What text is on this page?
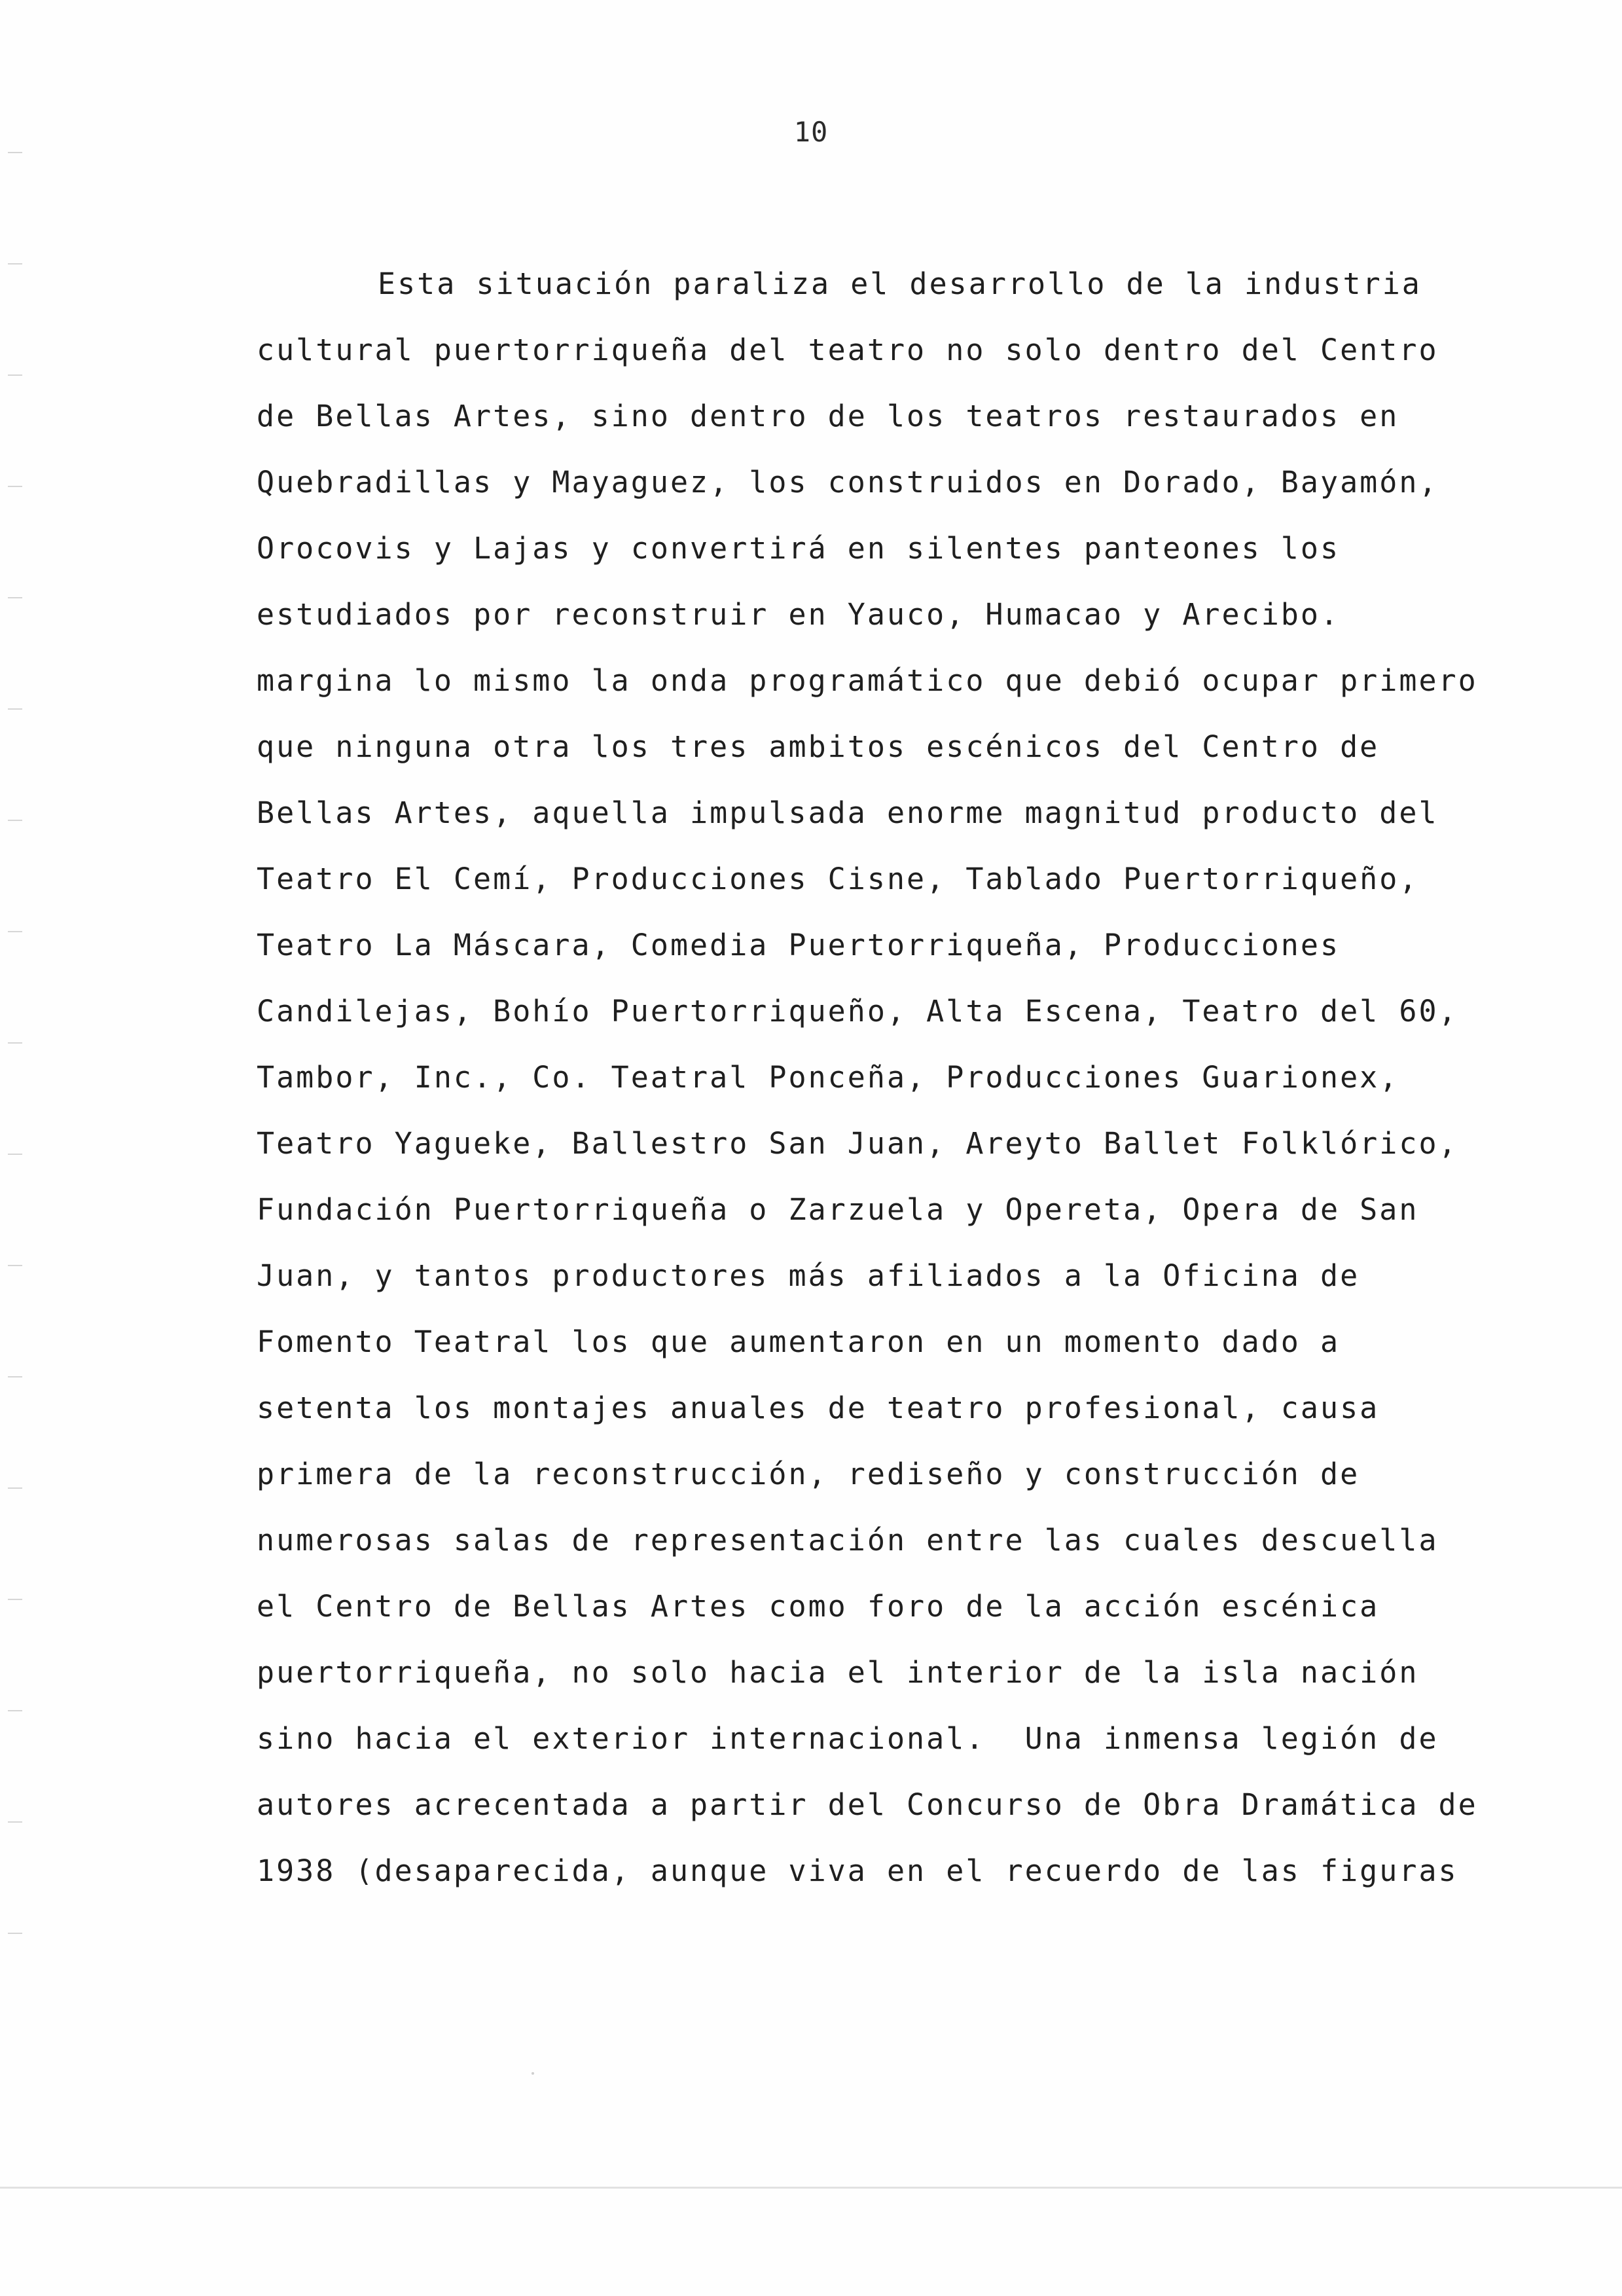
10
Esta situación paraliza el desarrollo de la industria
cultural puertorriqueña del teatro no solo dentro del Centro
de Bellas Artes, sino dentro de los teatros restaurados en
Quebradillas y Mayaguez, los construidos en Dorado, Bayamón,
Orocovis y Lajas y convertirá en silentes panteones los
estudiados por reconstruir en Yauco, Humacao y Arecibo.
margina lo mismo la onda programático que debió ocupar primero
que ninguna otra los tres ambitos escénicos del Centro de
Bellas Artes, aquella impulsada enorme magnitud producto del
Teatro El Cemí, Producciones Cisne, Tablado Puertorriqueño,
Teatro La Máscara, Comedia Puertorriqueña, Producciones
Candilejas, Bohío Puertorriqueño, Alta Escena, Teatro del 60,
Tambor, Inc., Co. Teatral Ponceña, Producciones Guarionex,
Teatro Yagueke, Ballestro San Juan, Areyto Ballet Folklórico,
Fundación Puertorriqueña o Zarzuela y Opereta, Opera de San
Juan, y tantos productores más afiliados a la Oficina de
Fomento Teatral los que aumentaron en un momento dado a
setenta los montajes anuales de teatro profesional, causa
primera de la reconstrucción, rediseño y construcción de
numerosas salas de representación entre las cuales descuella
el Centro de Bellas Artes como foro de la acción escénica
puertorriqueña, no solo hacia el interior de la isla nación
sino hacia el exterior internacional.  Una inmensa legión de
autores acrecentada a partir del Concurso de Obra Dramática de
1938 (desaparecida, aunque viva en el recuerdo de las figuras
